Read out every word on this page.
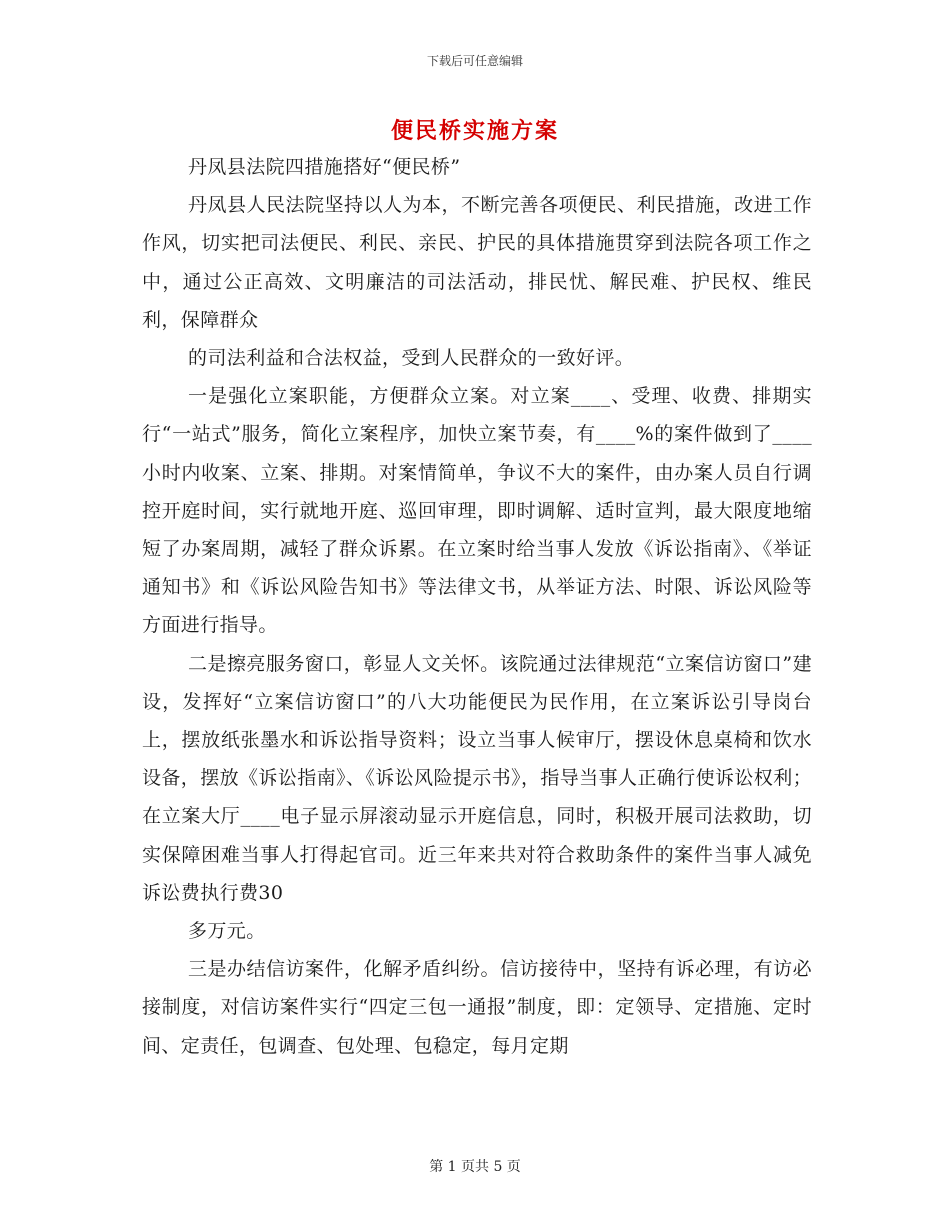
下载后可任意编辑
便民桥实施方案

丹凤县法院四措施搭好“便民桥”

丹凤县人民法院坚持以人为本，不断完善各项便民、利民措施，改进工作作风，切实把司法便民、利民、亲民、护民的具体措施贯穿到法院各项工作之中，通过公正高效、文明廉洁的司法活动，排民忧、解民难、护民权、维民利，保障群众

的司法利益和合法权益，受到人民群众的一致好评。

一是强化立案职能，方便群众立案。对立案____、受理、收费、排期实行“一站式”服务，简化立案程序，加快立案节奏，有____%的案件做到了____小时内收案、立案、排期。对案情简单，争议不大的案件，由办案人员自行调控开庭时间，实行就地开庭、巡回审理，即时调解、适时宣判，最大限度地缩短了办案周期，减轻了群众诉累。在立案时给当事人发放《诉讼指南》、《举证通知书》和《诉讼风险告知书》等法律文书，从举证方法、时限、诉讼风险等方面进行指导。

二是擦亮服务窗口，彰显人文关怀。该院通过法律规范“立案信访窗口”建设，发挥好“立案信访窗口”的八大功能便民为民作用，在立案诉讼引导岗台上，摆放纸张墨水和诉讼指导资料；设立当事人候审厅，摆设休息桌椅和饮水设备，摆放《诉讼指南》、《诉讼风险提示书》，指导当事人正确行使诉讼权利；在立案大厅____电子显示屏滚动显示开庭信息，同时，积极开展司法救助，切实保障困难当事人打得起官司。近三年来共对符合救助条件的案件当事人减免诉讼费执行费30

多万元。

三是办结信访案件，化解矛盾纠纷。信访接待中，坚持有诉必理，有访必接制度，对信访案件实行“四定三包一通报”制度，即：定领导、定措施、定时间、定责任，包调查、包处理、包稳定，每月定期

第 1 页共 5 页
